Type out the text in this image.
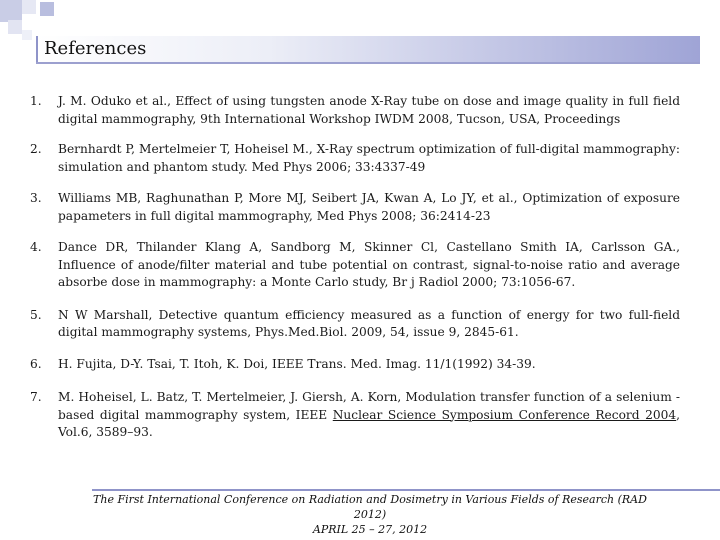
References
1. J. M. Oduko et al., Effect of using tungsten anode X-Ray tube on dose and image quality in full field digital mammography, 9th International Workshop IWDM 2008, Tucson, USA, Proceedings
2. Bernhardt P, Mertelmeier T, Hoheisel M., X-Ray spectrum optimization of full-digital mammography: simulation and phantom study. Med Phys 2006; 33:4337-49
3. Williams MB, Raghunathan P, More MJ, Seibert JA, Kwan A, Lo JY, et al., Optimization of exposure papameters in full digital mammography, Med Phys 2008; 36:2414-23
4. Dance DR, Thilander Klang A, Sandborg M, Skinner Cl, Castellano Smith IA, Carlsson GA., Influence of anode/filter material and tube potential on contrast, signal-to-noise ratio and average absorbe dose in mammography: a Monte Carlo study, Br j Radiol 2000; 73:1056-67.
5. N W Marshall, Detective quantum efficiency measured as a function of energy for two full-field digital mammography systems, Phys.Med.Biol. 2009, 54, issue 9, 2845-61.
6. H. Fujita, D-Y. Tsai, T. Itoh, K. Doi, IEEE Trans. Med. Imag. 11/1(1992) 34-39.
7. M. Hoheisel, L. Batz, T. Mertelmeier, J. Giersh, A. Korn, Modulation transfer function of a selenium -based digital mammography system, IEEE Nuclear Science Symposium Conference Record 2004, Vol.6, 3589–93.
The First International Conference on Radiation and Dosimetry in Various Fields of Research (RAD 2012)
APRIL 25 – 27, 2012
